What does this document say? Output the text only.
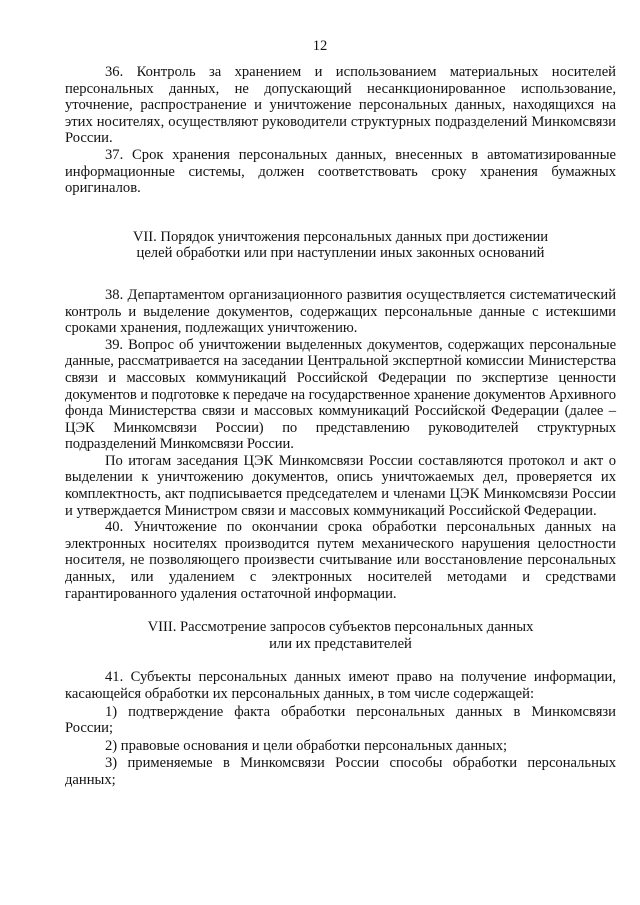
12

36. Контроль за хранением и использованием материальных носителей персональных данных, не допускающий несанкционированное использование, уточнение, распространение и уничтожение персональных данных, находящихся на этих носителях, осуществляют руководители структурных подразделений Минкомсвязи России.

37. Срок хранения персональных данных, внесенных в автоматизированные информационные системы, должен соответствовать сроку хранения бумажных оригиналов.

VII. Порядок уничтожения персональных данных при достижении

целей обработки или при наступлении иных законных оснований

38. Департаментом организационного развития осуществляется систематический контроль и выделение документов, содержащих персональные данные с истекшими сроками хранения, подлежащих уничтожению.

39. Вопрос об уничтожении выделенных документов, содержащих персональные данные, рассматривается на заседании Центральной экспертной комиссии Министерства связи и массовых коммуникаций Российской Федерации по экспертизе ценности документов и подготовке к передаче на государственное хранение документов Архивного фонда Министерства связи и массовых коммуникаций Российской Федерации (далее – ЦЭК Минкомсвязи России) по представлению руководителей структурных подразделений Минкомсвязи России.

По итогам заседания ЦЭК Минкомсвязи России составляются протокол и акт о выделении к уничтожению документов, опись уничтожаемых дел, проверяется их комплектность, акт подписывается председателем и членами ЦЭК Минкомсвязи России и утверждается Министром связи и массовых коммуникаций Российской Федерации.

40. Уничтожение по окончании срока обработки персональных данных на электронных носителях производится путем механического нарушения целостности носителя, не позволяющего произвести считывание или восстановление персональных данных, или удалением с электронных носителей методами и средствами гарантированного удаления остаточной информации.

VIII. Рассмотрение запросов субъектов персональных данных

или их представителей

41. Субъекты персональных данных имеют право на получение информации, касающейся обработки их персональных данных, в том числе содержащей:

1) подтверждение факта обработки персональных данных в Минкомсвязи России;

2) правовые основания и цели обработки персональных данных;

3) применяемые в Минкомсвязи России способы обработки персональных данных;
